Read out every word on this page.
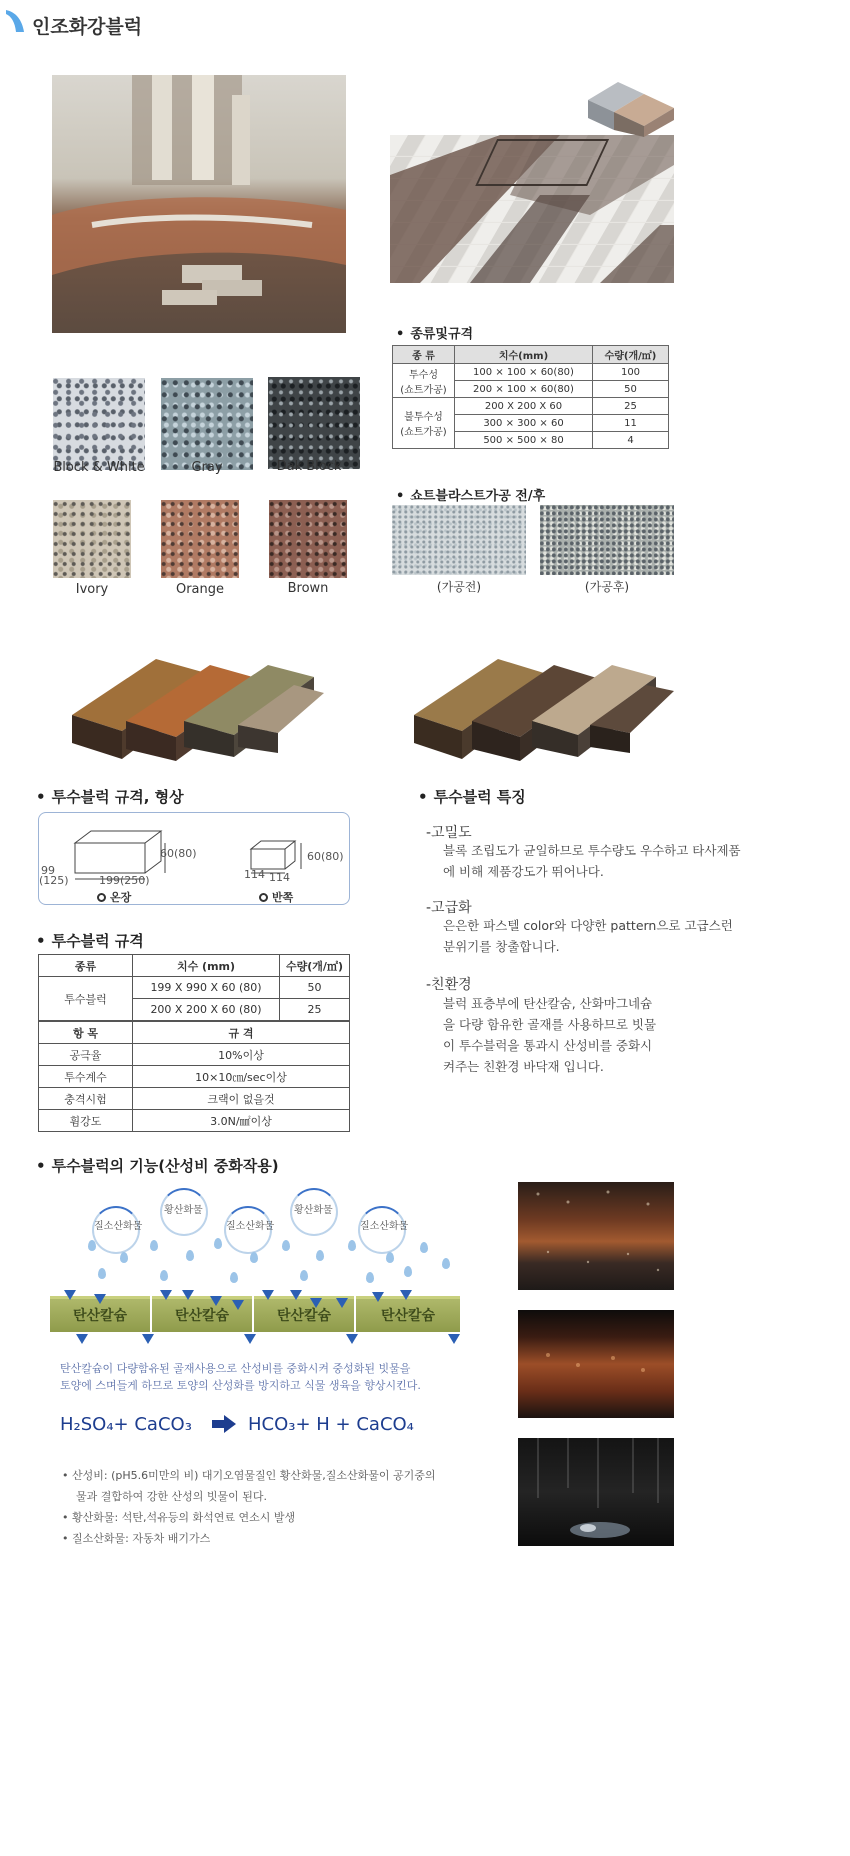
인조화강블럭
Block & White	Gray	Dak Block
Ivory	Orange	Brown
• 종류및규격
종 류	치수(mm)	수량(개/㎡)

투수성
(쇼트가공)	100 × 100 × 60(80)	100
	200 × 100 × 60(80)	50

불투수성
(쇼트가공)	200 X 200 X 60	25
	300 × 300 × 60	11
	500 × 500 × 80	4
• 쇼트블라스트가공 전/후
(가공전)	(가공후)
• 투수블럭 규격, 형상
60(80)
99
(125)	199(250)
온장
60(80)
114 114
반쪽
• 투수블럭 규격
종류	치수 (mm)	수량(개/㎡)
투수블럭	199 X 990 X 60 (80)	50
	200 X 200 X 60 (80)	25
항 목	규 격
공극율	10%이상
투수계수	10×10㎝/sec이상
충격시험	크랙이 없을것
휨강도	3.0N/㎟이상
• 투수블럭 특징
-고밀도
블록 조립도가 균일하므로 투수량도 우수하고 타사제품에 비해 제품강도가 뛰어나다.
-고급화
은은한 파스텔 color와 다양한 pattern으로 고급스런 분위기를 창출합니다.
-친환경
블럭 표층부에 탄산칼숨, 산화마그네슘을 다량 함유한 골재를 사용하므로 빗물이 투수블럭을 통과시 산성비를 중화시켜주는 친환경 바닥재 입니다.
• 투수블럭의 기능(산성비 중화작용)
질소산화물
황산화물
질소산화물
황산화물
질소산화물
탄산칼슘	탄산칼슘	탄산칼슘	탄산칼슘
탄산칼슘이 다량함유된 골재사용으로 산성비를 중화시켜 중성화된 빗물을
토양에 스며들게 하므로 토양의 산성화를 방지하고 식물 생육을 향상시킨다.
H₂SO₄+ CaCO₃	HCO₃+ H + CaCO₄
• 산성비: (pH5.6미만의 비) 대기오염물질인 황산화물,질소산화물이 공기중의
물과 결합하여 강한 산성의 빗물이 된다.
• 황산화물: 석탄,석유등의 화석연료 연소시 발생
• 질소산화물: 자동차 배기가스
